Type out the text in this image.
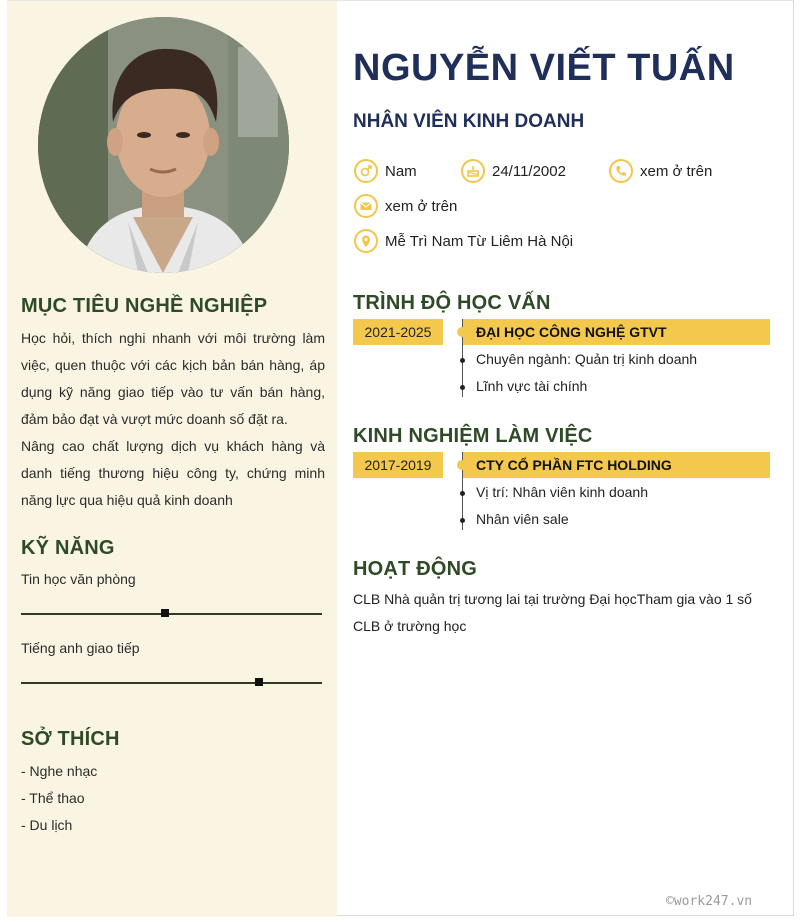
MỤC TIÊU NGHỀ NGHIỆP
Học hỏi, thích nghi nhanh với môi trường làm việc, quen thuộc với các kịch bản bán hàng, áp dụng kỹ năng giao tiếp vào tư vấn bán hàng, đảm bảo đạt và vượt mức doanh số đặt ra.
Nâng cao chất lượng dịch vụ khách hàng và danh tiếng thương hiệu công ty, chứng minh năng lực qua hiệu quả kinh doanh
KỸ NĂNG
Tin học văn phòng
Tiếng anh giao tiếp
SỞ THÍCH
- Nghe nhạc
- Thể thao
- Du lịch
NGUYỄN VIẾT TUẤN
NHÂN VIÊN KINH DOANH
Nam	24/11/2002	xem ở trên
xem ở trên
Mễ Trì Nam Từ Liêm Hà Nội
TRÌNH ĐỘ HỌC VẤN
2021-2025	ĐẠI HỌC CÔNG NGHỆ GTVT
Chuyên ngành: Quản trị kinh doanh
Lĩnh vực tài chính
KINH NGHIỆM LÀM VIỆC
2017-2019	CTY CỔ PHẦN FTC HOLDING
Vị trí: Nhân viên kinh doanh
Nhân viên sale
HOẠT ĐỘNG
CLB Nhà quản trị tương lai tại trường Đại họcTham gia vào 1 số CLB ở trường học
©work247.vn
